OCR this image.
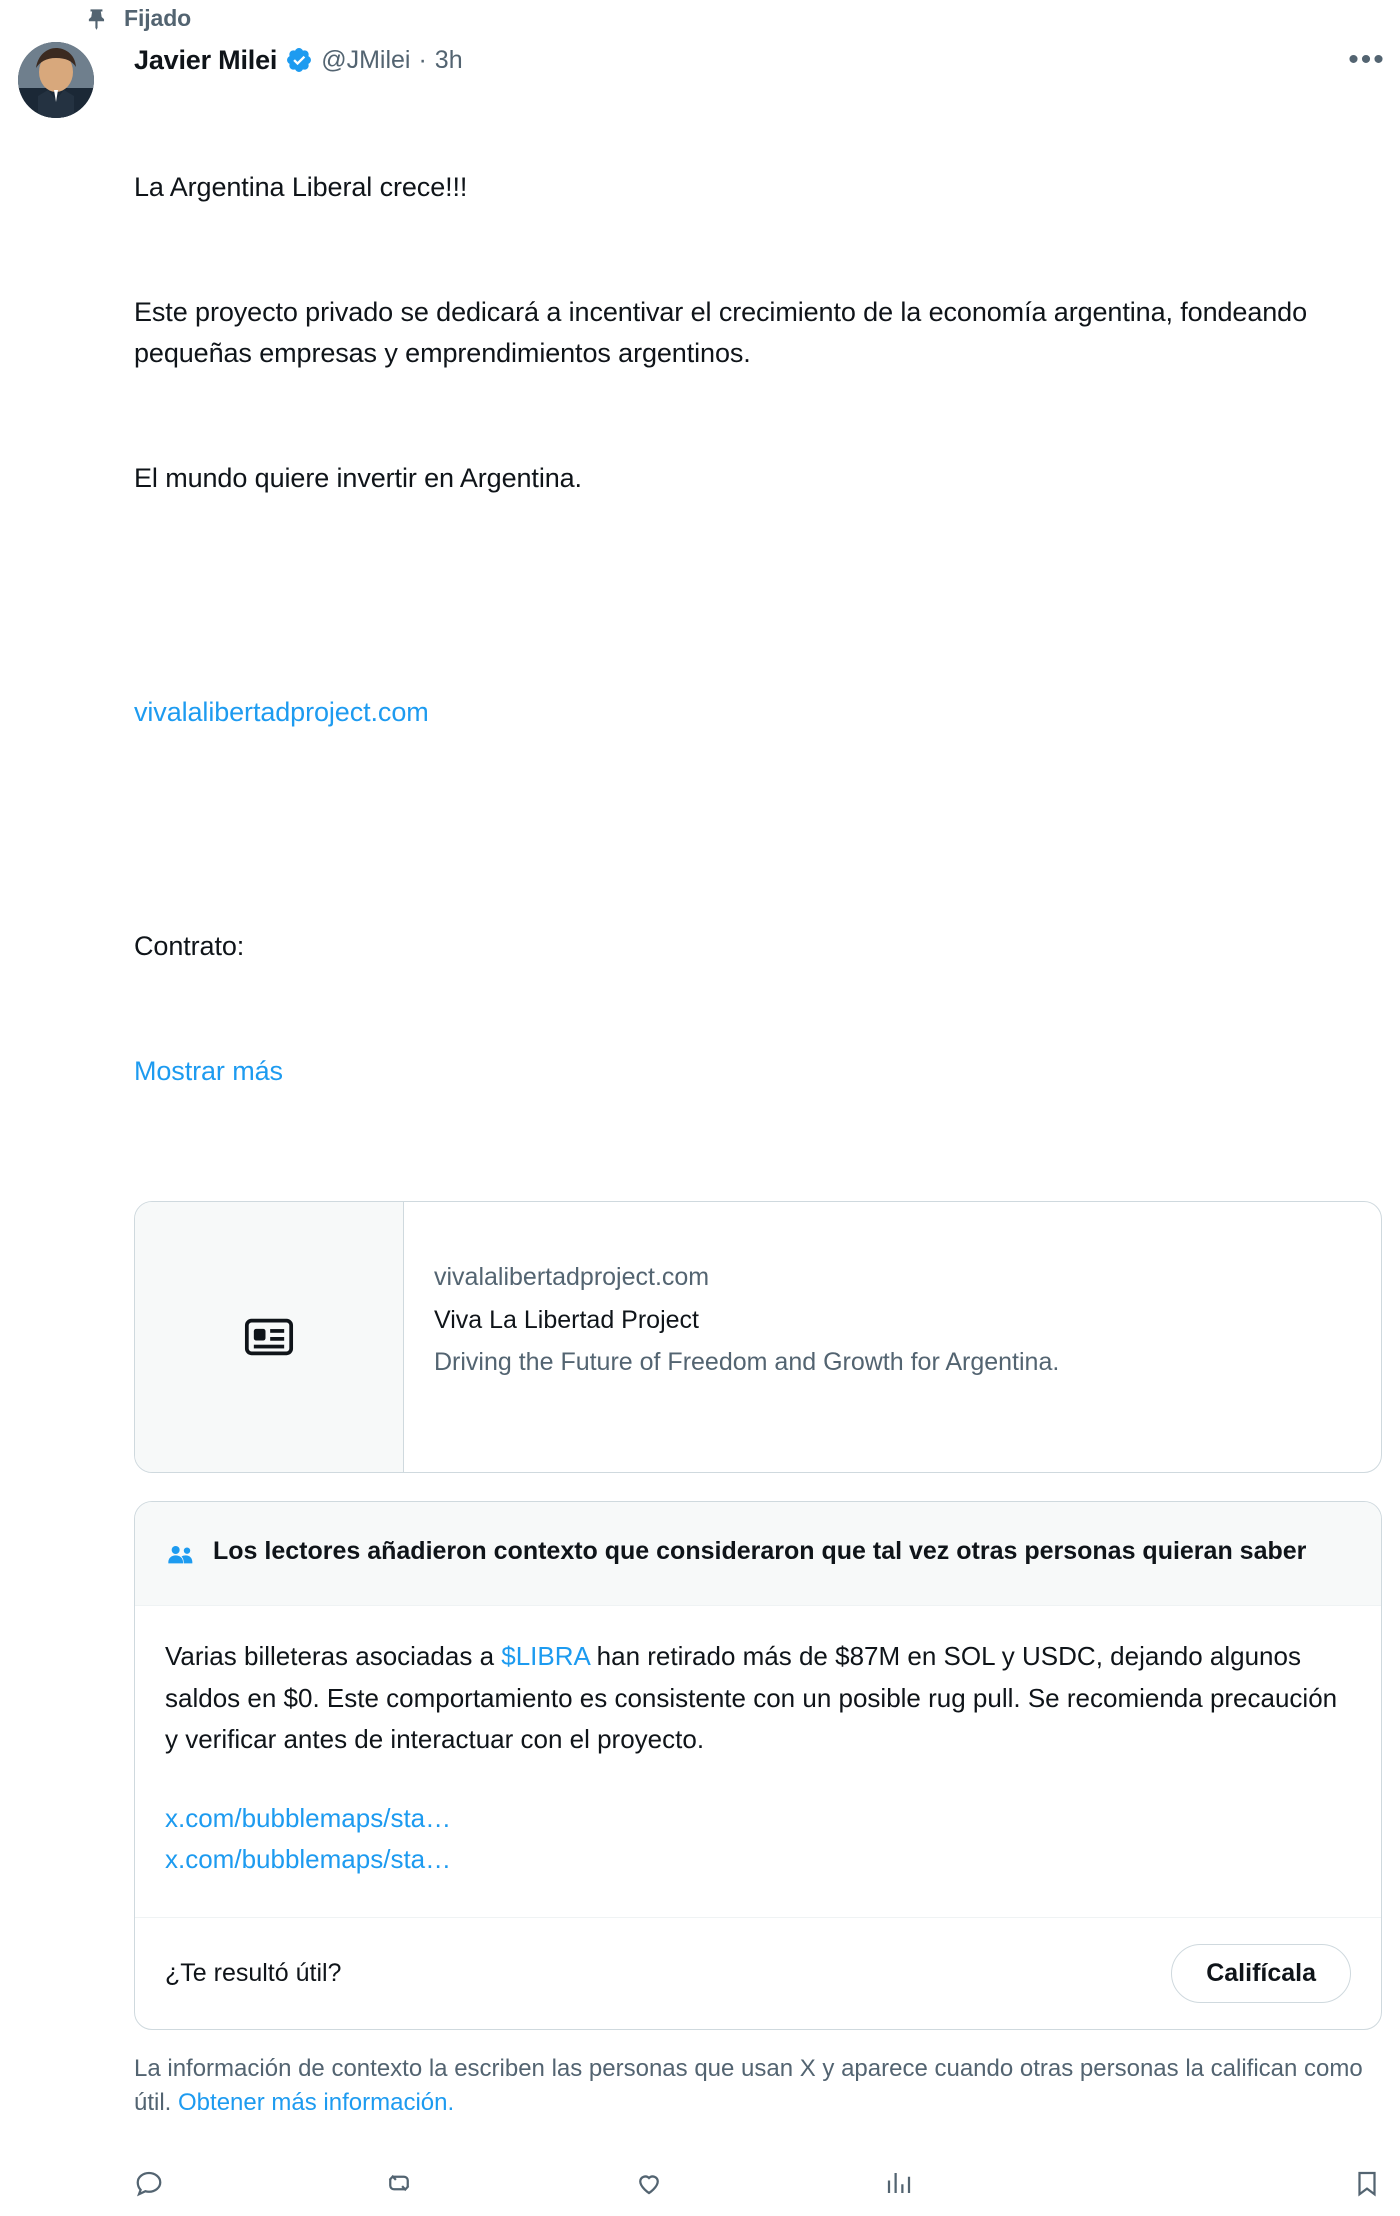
Fijado
Javier Milei @JMilei · 3h	•••

La Argentina Liberal crece!!!

Este proyecto privado se dedicará a incentivar el crecimiento de la economía argentina, fondeando pequeñas empresas y emprendimientos argentinos.

El mundo quiere invertir en Argentina.

vivalalibertadproject.com

Contrato:

Mostrar más

vivalalibertadproject.com
Viva La Libertad Project
Driving the Future of Freedom and Growth for Argentina.
Los lectores añadieron contexto que consideraron que tal vez otras personas quieran saber
Varias billeteras asociadas a $LIBRA han retirado más de $87M en SOL y USDC, dejando algunos saldos en $0. Este comportamiento es consistente con un posible rug pull. Se recomienda precaución y verificar antes de interactuar con el proyecto.
x.com/bubblemaps/sta…
x.com/bubblemaps/sta…
¿Te resultó útil?	Califícala
La información de contexto la escriben las personas que usan X y aparece cuando otras personas la califican como útil. Obtener más información.
